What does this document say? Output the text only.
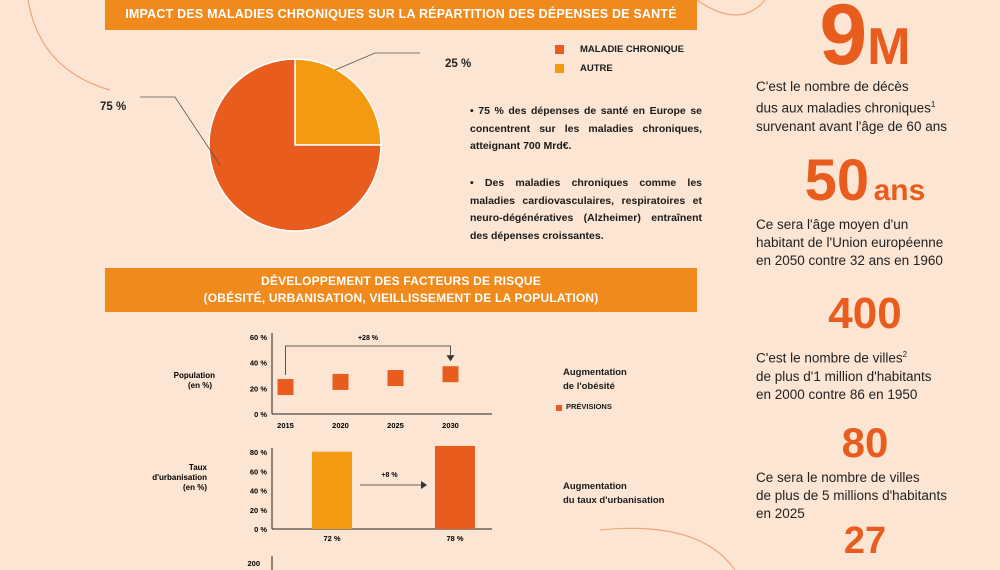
IMPACT DES MALADIES CHRONIQUES SUR LA RÉPARTITION DES DÉPENSES DE SANTÉ
75 %
25 %
MALADIE CHRONIQUE
AUTRE
• 75 % des dépenses de santé en Europe se concentrent sur les maladies chroniques, atteignant 700 Mrd€.
• Des maladies chroniques comme les maladies cardiovasculaires, respiratoires et neuro-dégénératives (Alzheimer) entraînent des dépenses croissantes.
DÉVELOPPEMENT DES FACTEURS DE RISQUE
(OBÉSITÉ, URBANISATION, VIEILLISSEMENT DE LA POPULATION)
Population
(en %)
0 %
20 %
40 %
60 %
2015	2020	2025	2030
+28 %
Augmentation
de l'obésité
PRÉVISIONS
Taux
d'urbanisation
(en %)
0 %
20 %
40 %
60 %
80 %
72 %	78 %
+8 %
Augmentation
du taux d'urbanisation
200
9M
C'est le nombre de décès
dus aux maladies chroniques$^1$
survenant avant l'âge de 60 ans
50 ans
Ce sera l'âge moyen d'un
habitant de l'Union européenne
en 2050 contre 32 ans en 1960
400
C'est le nombre de villes$^2$
de plus d'1 million d'habitants
en 2000 contre 86 en 1950
80
Ce sera le nombre de villes
de plus de 5 millions d'habitants
en 2025
27
